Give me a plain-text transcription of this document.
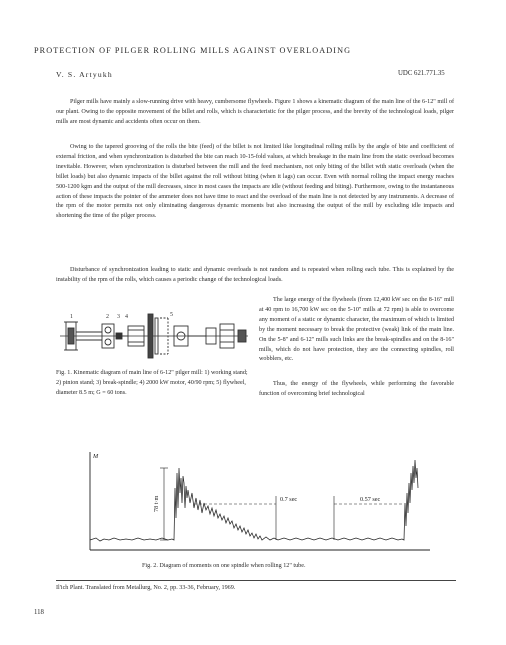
PROTECTION OF PILGER ROLLING MILLS AGAINST OVERLOADING
V. S. Artyukh	UDC 621.771.35
Pilger mills have mainly a slow-running drive with heavy, cumbersome flywheels. Figure 1 shows a kinematic diagram of the main line of the 6-12" mill of our plant. Owing to the opposite movement of the billet and rolls, which is characteristic for the pilger process, and the brevity of the technological loads, pilger mills are most dynamic and accidents often occur on them.
Owing to the tapered grooving of the rolls the bite (feed) of the billet is not limited like longitudinal rolling mills by the angle of bite and coefficient of external friction, and when synchronization is disturbed the bite can reach 10-15-fold values, at which breakage in the main line from the static overload becomes inevitable. However, when synchronization is disturbed between the mill and the feed mechanism, not only biting of the billet with static overloads (when the billet loads) but also dynamic impacts of the billet against the roll without biting (when it lags) can occur. Even with normal rolling the impact energy reaches 500-1200 kgm and the output of the mill decreases, since in most cases the impacts are idle (without feeding and biting). Furthermore, owing to the instantaneous action of these impacts the pointer of the ammeter does not have time to react and the overload of the main line is not detected by any instruments. A decrease of the rpm of the motor permits not only eliminating dangerous dynamic moments but also increasing the output of the mill by excluding idle impacts and shortening the time of the pilger process.
Disturbance of synchronization leading to static and dynamic overloads is not random and is repeated when rolling each tube. This is explained by the instability of the rpm of the rolls, which causes a periodic change of the technological loads.
1	2 3 4	5
Fig. 1. Kinematic diagram of main line of 6-12" pilger mill: 1) working stand; 2) pinion stand; 3) break-spindle; 4) 2000 kW motor, 40/90 rpm; 5) flywheel, diameter 8.5 m; G = 60 tons.
The large energy of the flywheels (from 12,400 kW sec on the 8-16" mill at 40 rpm to 16,700 kW sec on the 5-10" mills at 72 rpm) is able to overcome any moment of a static or dynamic character, the maximum of which is limited by the moment necessary to break the protective (weak) link of the main line. On the 5-8" and 6-12" mills such links are the break-spindles and on the 8-16" mills, which do not have protection, they are the connecting spindles, roll wobblers, etc.
Thus, the energy of the flywheels, while performing the favorable function of overcoming brief technological
M
78 t·m	0.7 sec	0.57 sec
Fig. 2. Diagram of moments on one spindle when rolling 12" tube.
Il'ich Plant. Translated from Metallurg, No. 2, pp. 33-36, February, 1969.
118
